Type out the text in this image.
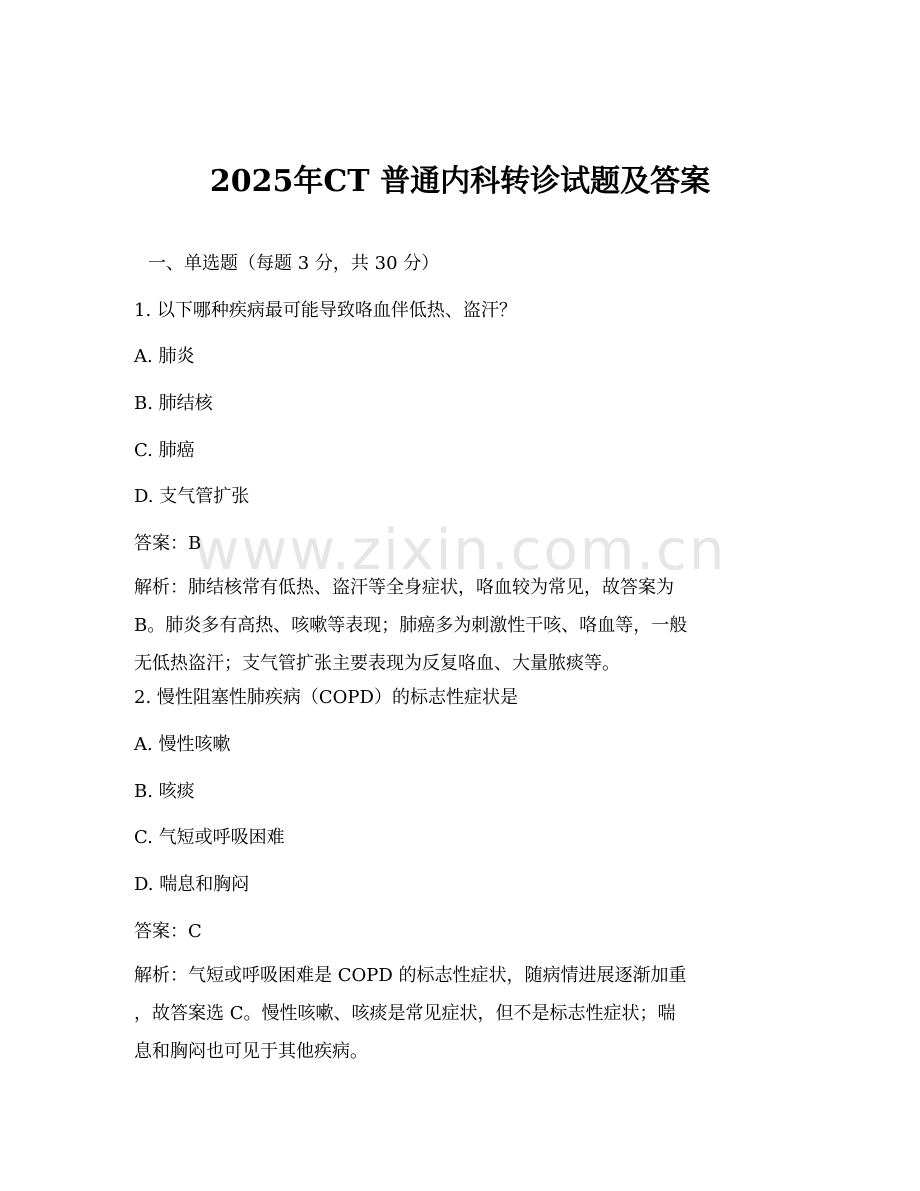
www.zixin.com.cn
2025年CT 普通内科转诊试题及答案

一、单选题（每题 3 分，共 30 分）

1. 以下哪种疾病最可能导致咯血伴低热、盗汗？

A. 肺炎

B. 肺结核

C. 肺癌

D. 支气管扩张

答案：B

解析：肺结核常有低热、盗汗等全身症状，咯血较为常见，故答案为
B。肺炎多有高热、咳嗽等表现；肺癌多为刺激性干咳、咯血等，一般
无低热盗汗；支气管扩张主要表现为反复咯血、大量脓痰等。

2. 慢性阻塞性肺疾病（COPD）的标志性症状是

A. 慢性咳嗽

B. 咳痰

C. 气短或呼吸困难

D. 喘息和胸闷

答案：C

解析：气短或呼吸困难是 COPD 的标志性症状，随病情进展逐渐加重
，故答案选 C。慢性咳嗽、咳痰是常见症状，但不是标志性症状；喘
息和胸闷也可见于其他疾病。
